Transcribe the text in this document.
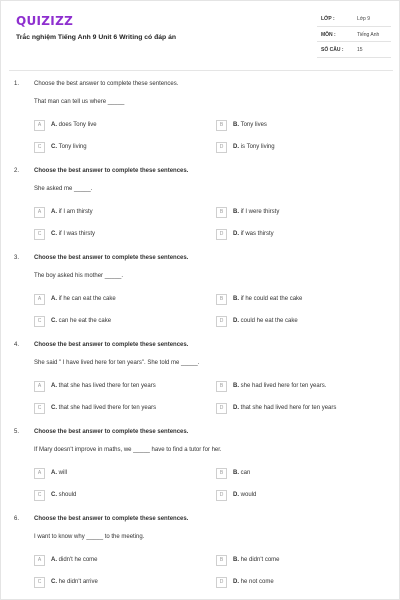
QUIZIZZ
Trắc nghiệm Tiếng Anh 9 Unit 6 Writing có đáp án
LỚP :	Lớp 9
MÔN :	Tiếng Anh
SỐ CÂU :	15
1. Choose the best answer to complete these sentences.
That man can tell us where _____
A	A. does Tony live	B	B. Tony lives
C	C. Tony living	D	D. is Tony living
2. Choose the best answer to complete these sentences.
She asked me _____.
A	A. if I am thirsty	B	B. if I were thirsty
C	C. if I was thirsty	D	D. if was thirsty
3. Choose the best answer to complete these sentences.
The boy asked his mother _____.
A	A. if he can eat the cake	B	B. if he could eat the cake
C	C. can he eat the cake	D	D. could he eat the cake
4. Choose the best answer to complete these sentences.
She said " I have lived here for ten years". She told me _____.
A	A. that she has lived there for ten years	B	B. she had lived here for ten years.
C	C. that she had lived there for ten years	D	D. that she had lived here for ten years
5. Choose the best answer to complete these sentences.
If Mary doesn't improve in maths, we _____ have to find a tutor for her.
A	A. will	B	B. can
C	C. should	D	D. would
6. Choose the best answer to complete these sentences.
I want to know why _____ to the meeting.
A	A. didn't he come	B	B. he didn't come
C	C. he didn't arrive	D	D. he not come
